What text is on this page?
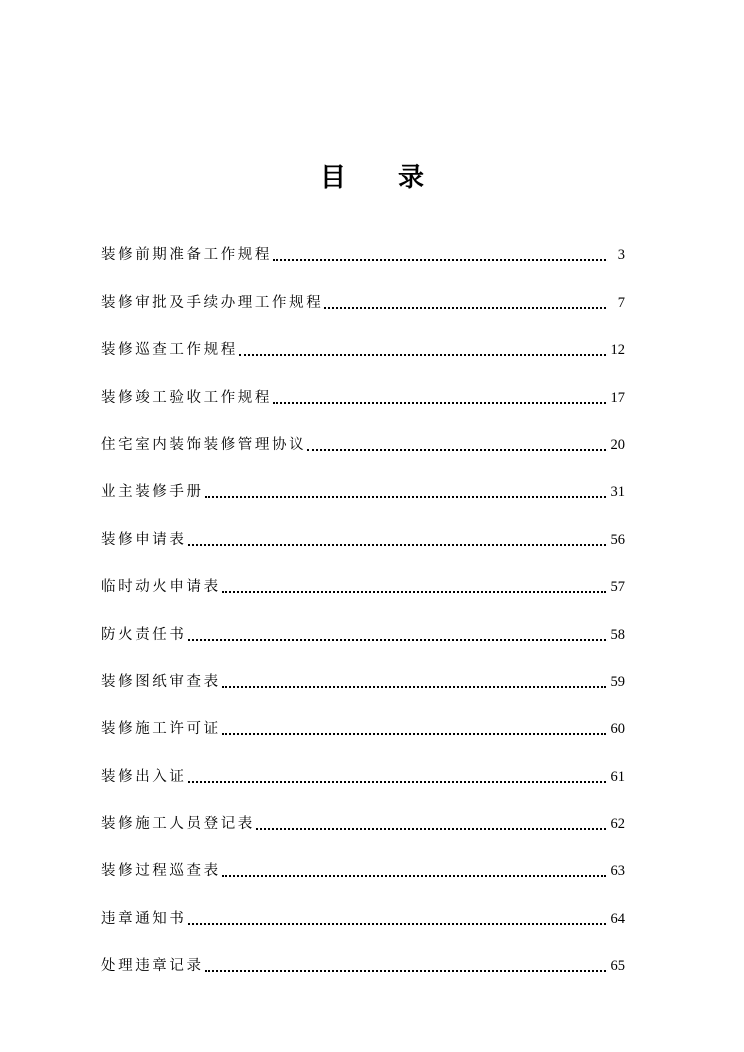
目 录
装修前期准备工作规程	3
装修审批及手续办理工作规程	7
装修巡查工作规程	12
装修竣工验收工作规程	17
住宅室内装饰装修管理协议	20
业主装修手册	31
装修申请表	56
临时动火申请表	57
防火责任书	58
装修图纸审查表	59
装修施工许可证	60
装修出入证	61
装修施工人员登记表	62
装修过程巡查表	63
违章通知书	64
处理违章记录	65
